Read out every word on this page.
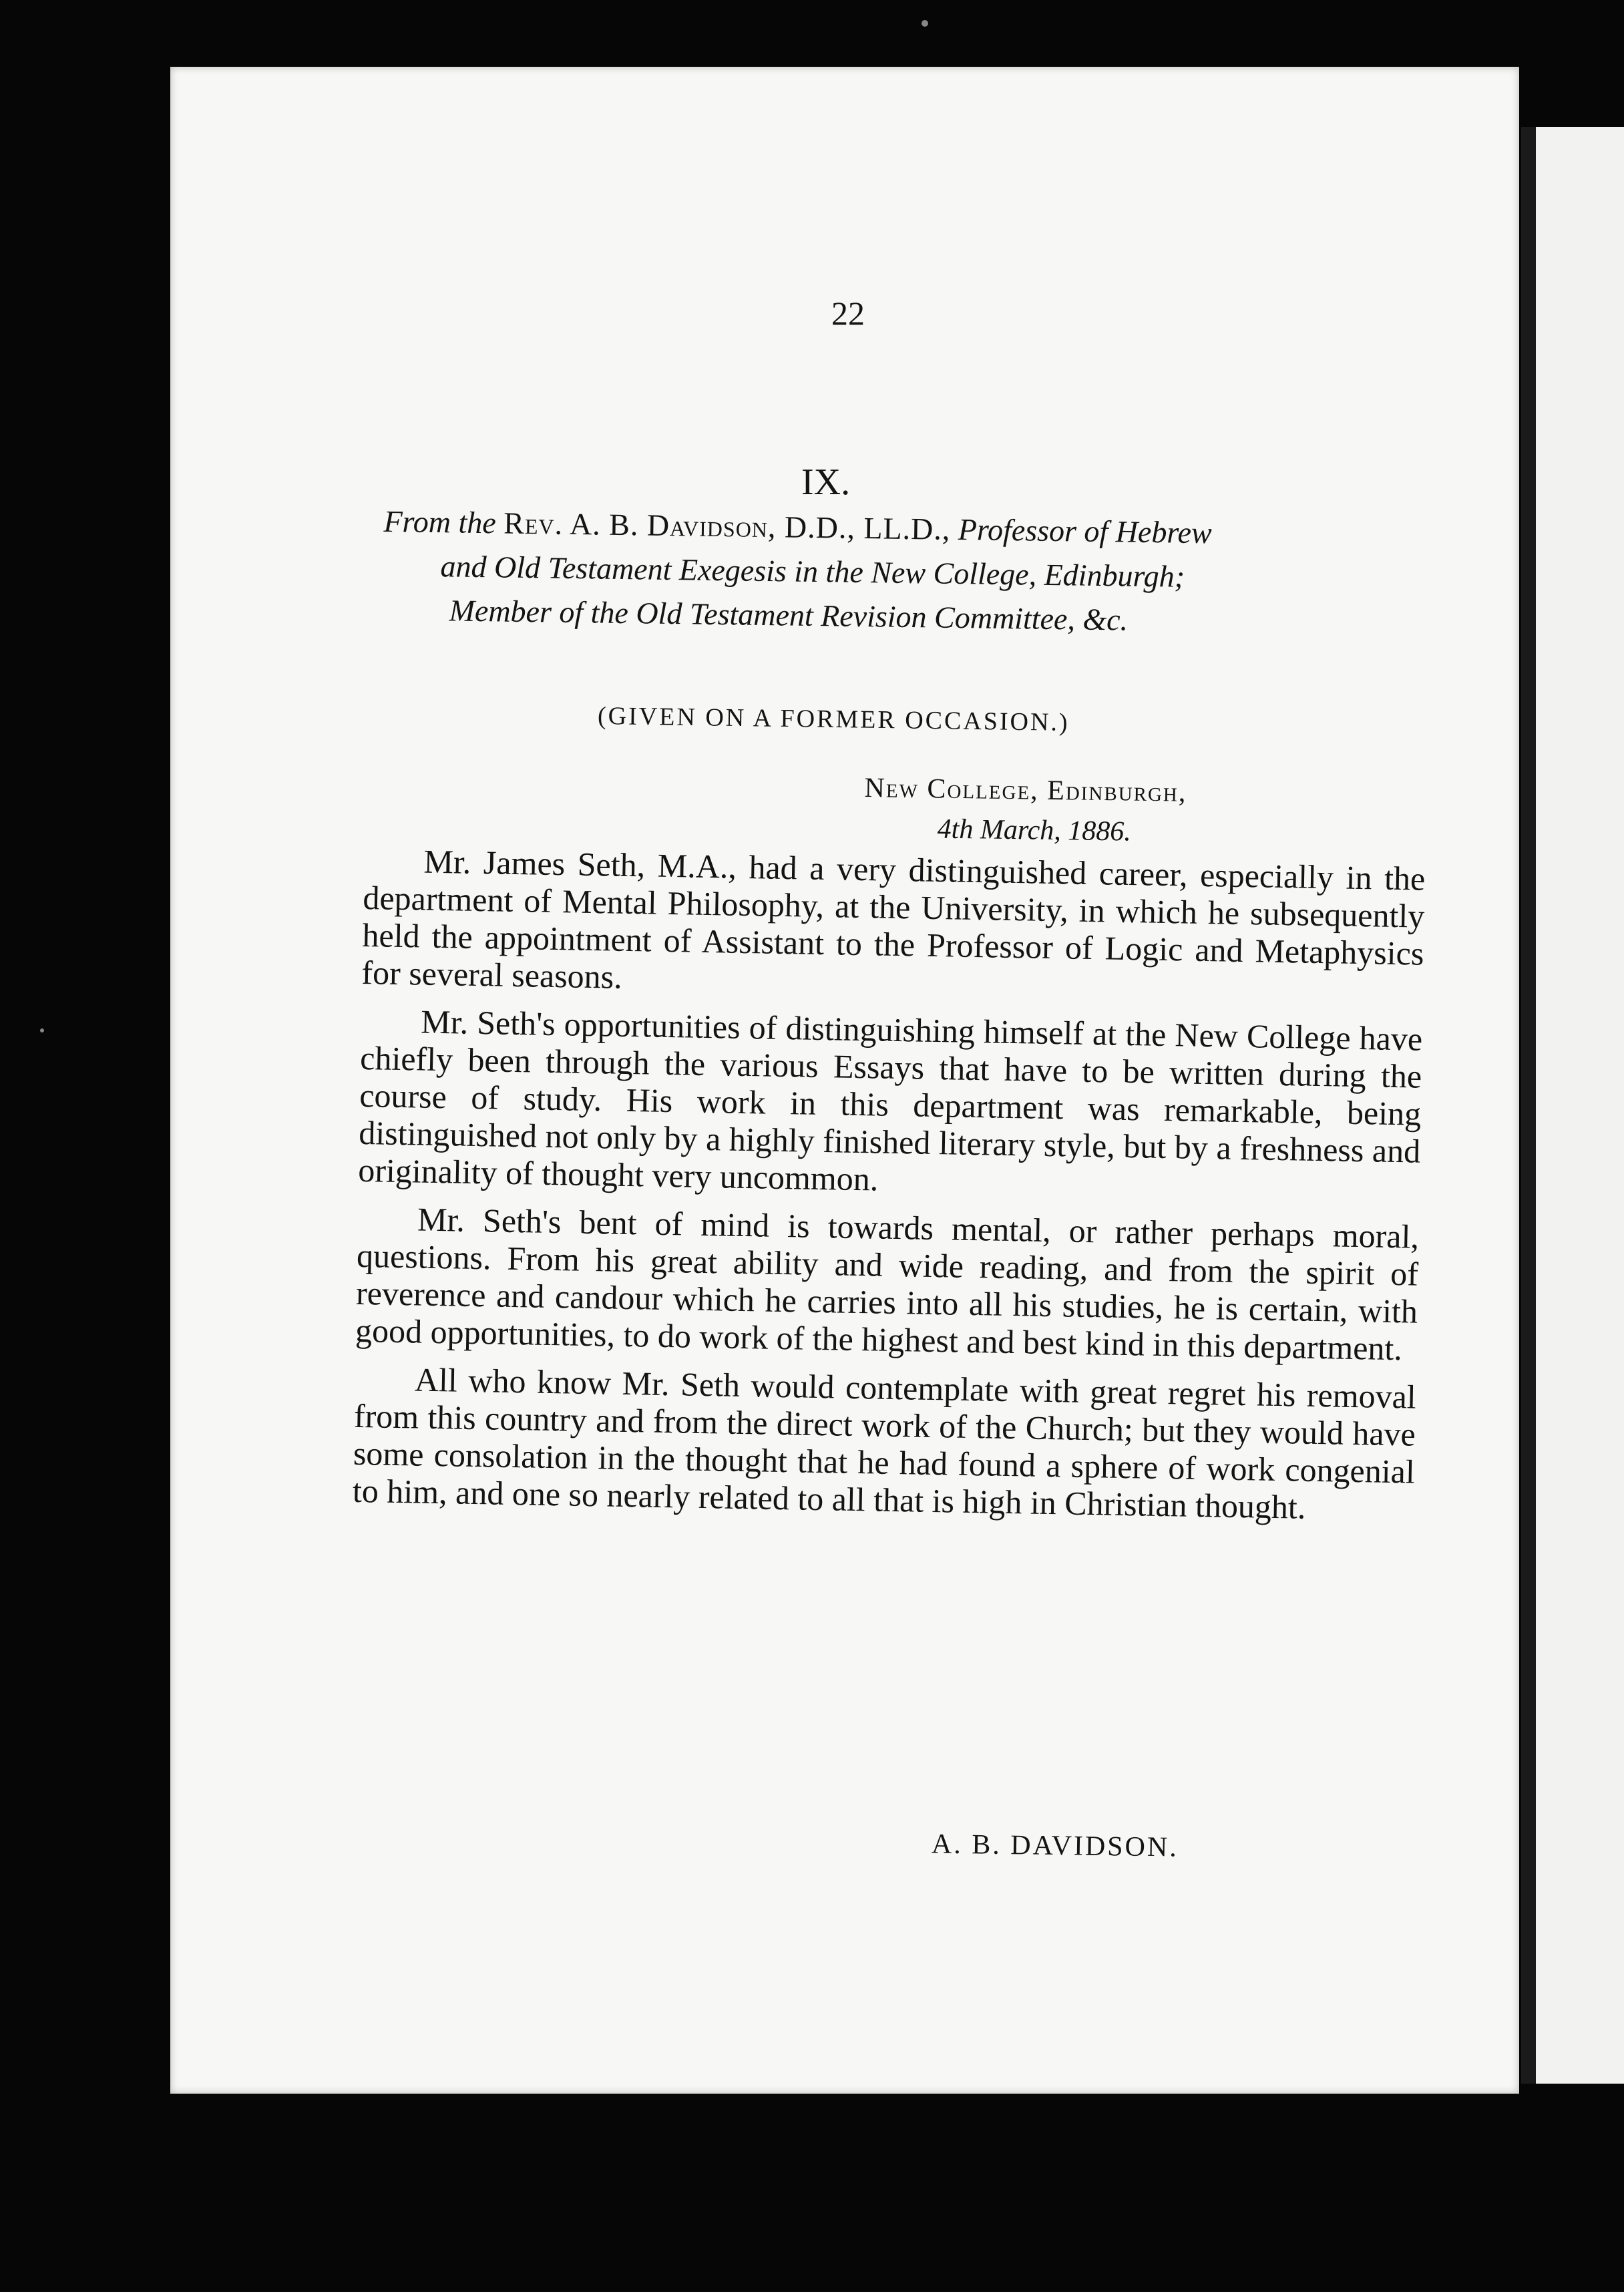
22
IX.
From the Rev. A. B. Davidson, D.D., LL.D., Professor of Hebrew
and Old Testament Exegesis in the New College, Edinburgh;
Member of the Old Testament Revision Committee, &c.
(GIVEN ON A FORMER OCCASION.)
New College, Edinburgh,
4th March, 1886.

Mr. James Seth, M.A., had a very distinguished career, especially in the department of Mental Philosophy, at the University, in which he subsequently held the appointment of Assistant to the Professor of Logic and Metaphysics for several seasons.

Mr. Seth's opportunities of distinguishing himself at the New College have chiefly been through the various Essays that have to be written during the course of study. His work in this department was remarkable, being distinguished not only by a highly finished literary style, but by a freshness and originality of thought very uncommon.

Mr. Seth's bent of mind is towards mental, or rather perhaps moral, questions. From his great ability and wide reading, and from the spirit of reverence and candour which he carries into all his studies, he is certain, with good opportunities, to do work of the highest and best kind in this department.

All who know Mr. Seth would contemplate with great regret his removal from this country and from the direct work of the Church; but they would have some consolation in the thought that he had found a sphere of work congenial to him, and one so nearly related to all that is high in Christian thought.

A. B. DAVIDSON.
